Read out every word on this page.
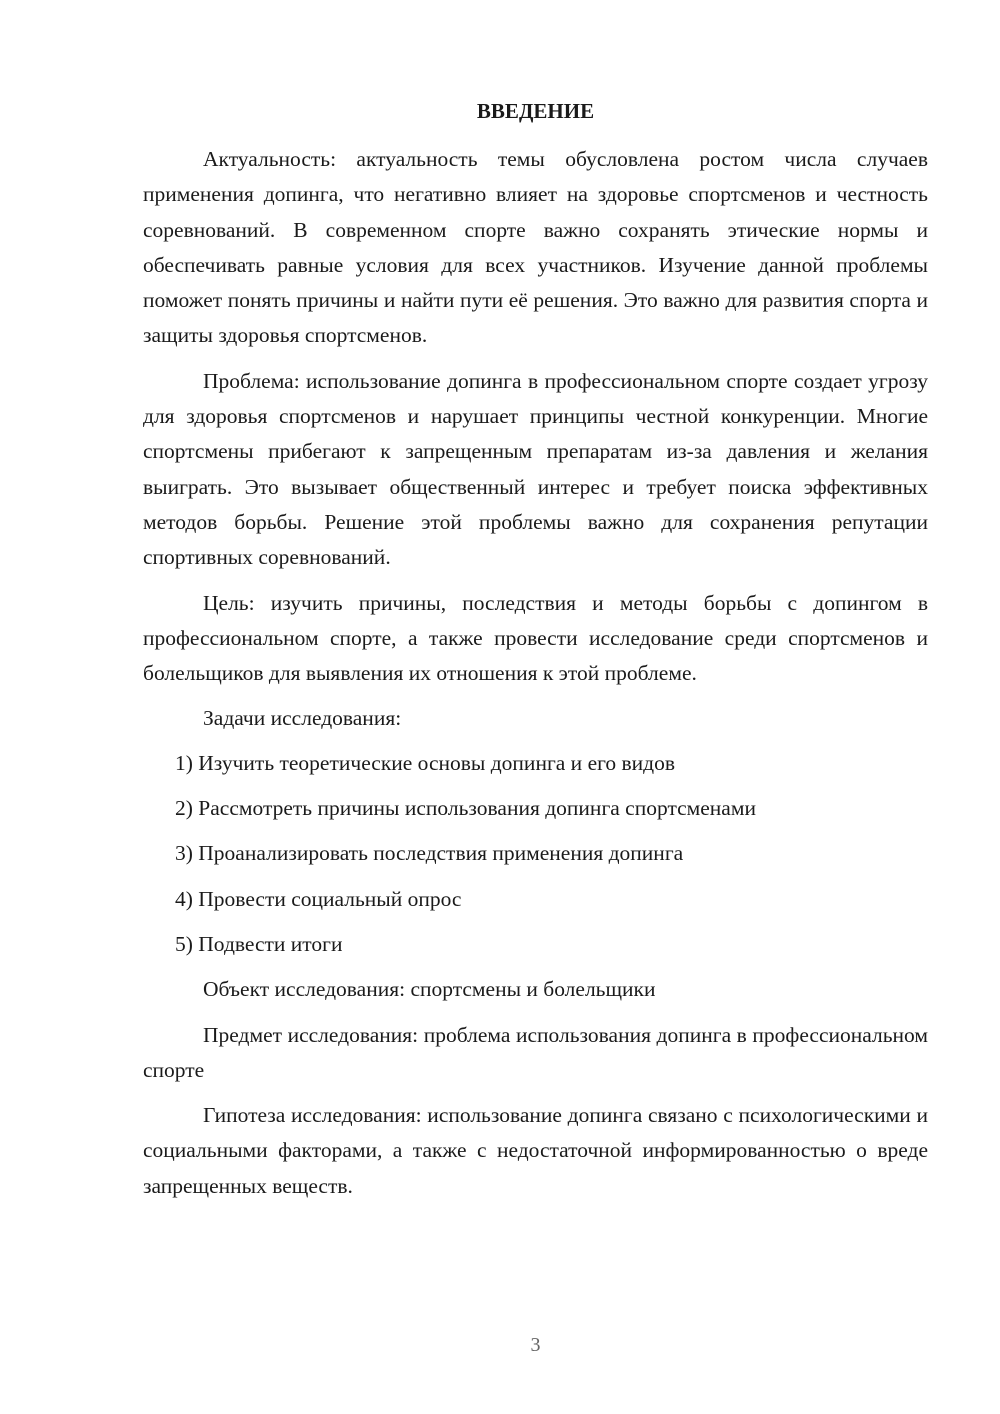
ВВЕДЕНИЕ

Актуальность: актуальность темы обусловлена ростом числа случаев применения допинга, что негативно влияет на здоровье спортсменов и честность соревнований. В современном спорте важно сохранять этические нормы и обеспечивать равные условия для всех участников. Изучение данной проблемы поможет понять причины и найти пути её решения. Это важно для развития спорта и защиты здоровья спортсменов.

Проблема: использование допинга в профессиональном спорте создает угрозу для здоровья спортсменов и нарушает принципы честной конкуренции. Многие спортсмены прибегают к запрещенным препаратам из-за давления и желания выиграть. Это вызывает общественный интерес и требует поиска эффективных методов борьбы. Решение этой проблемы важно для сохранения репутации спортивных соревнований.

Цель: изучить причины, последствия и методы борьбы с допингом в профессиональном спорте, а также провести исследование среди спортсменов и болельщиков для выявления их отношения к этой проблеме.

Задачи исследования:

1) Изучить теоретические основы допинга и его видов
2) Рассмотреть причины использования допинга спортсменами
3) Проанализировать последствия применения допинга
4) Провести социальный опрос
5) Подвести итоги

Объект исследования: спортсмены и болельщики

Предмет исследования: проблема использования допинга в профессиональном спорте

Гипотеза исследования: использование допинга связано с психологическими и социальными факторами, а также с недостаточной информированностью о вреде запрещенных веществ.

3
